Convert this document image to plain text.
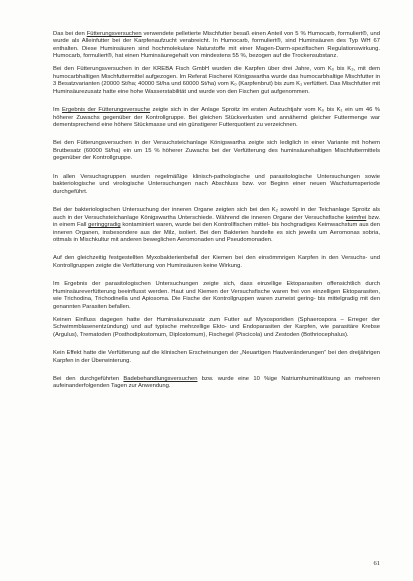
Das bei den Fütterungsversuchen verwendete pelletierte Mischfutter besaß einen Anteil von 5 % Humocarb, formuliert®, und wurde als Alleinfutter bei der Karpfenaufzucht verabreicht. In Humocarb, formuliert®, sind Huminsäuren des Typ WH 67 enthalten. Diese Huminsäuren sind hochmolekulare Naturstoffe mit einer Magen-Darm-spezifischen Regulationswirkung. Humocarb, formuliert®, hat einen Huminsäuregehalt von mindestens 55 %, bezogen auf die Trockensubstanz.

Bei den Fütterungsversuchen in der KREBA Fisch GmbH wurden die Karpfen über drei Jahre, vom K₀ bis K₃, mit dem humocarbhaltigen Mischfuttermittel aufgezogen. Im Referat Fischerei Königswartha wurde das humocarbhaltige Mischfutter in 3 Besatzvarianten (20000 St/ha; 40000 St/ha und 60000 St/ha) vom K₀ (Karpfenbrut) bis zum K₁ verfüttert. Das Mischfutter mit Huminsäurezusatz hatte eine hohe Wasserstabilität und wurde von den Fischen gut aufgenommen.

Im Ergebnis der Fütterungsversuche zeigte sich in der Anlage Sproitz im ersten Aufzuchtjahr vom K₀ bis K₁ ein um 46 % höherer Zuwachs gegenüber der Kontrollgruppe. Bei gleichen Stückverlusten und annähernd gleicher Futtermenge war dementsprechend eine höhere Stückmasse und ein günstigerer Futterquotient zu verzeichnen.

Bei den Fütterungsversuchen in der Versuchsteichanlage Königswartha zeigte sich lediglich in einer Variante mit hohem Brutbesatz (60000 St/ha) ein um 15 % höherer Zuwachs bei der Verfütterung des huminsäurehaltigen Mischfuttermittels gegenüber der Kontrollgruppe.

In allen Versuchsgruppen wurden regelmäßige klinisch-pathologische und parasitologische Untersuchungen sowie bakteriologische und virologische Untersuchungen nach Abschluss bzw. vor Beginn einer neuen Wachstumsperiode durchgeführt.

Bei der bakteriologischen Untersuchung der inneren Organe zeigten sich bei den K₂ sowohl in der Teichanlage Sproitz als auch in der Versuchsteichanlage Königswartha Unterschiede. Während die inneren Organe der Versuchsfische keimfrei bzw. in einem Fall geringgradig kontaminiert waren, wurde bei den Kontrollfischen mittel- bis hochgradiges Keimwachstum aus den inneren Organen, insbesondere aus der Milz, isoliert. Bei den Bakterien handelte es sich jeweils um Aeromonas sobria, ottmals in Mischkultur mit anderen beweglichen Aeromonaden und Pseudomonaden.

Auf den gleichzeitig festgestellten Myxobakterienbefall der Kiemen bei den einsömmrigen Karpfen in den Versuchs- und Kontrollgruppen zeigte die Verfütterung von Huminsäuren keine Wirkung.

Im Ergebnis der parasitologischen Untersuchungen zeigte sich, dass einzellige Ektoparasiten offensichtlich durch Huminsäureverfütterung beeinflusst werden. Haut und Kiemen der Versuchsfische waren frei von einzelligen Ektoparasiten, wie Trichodina, Trichodinella und Apiosoma. Die Fische der Kontrollgruppen waren zumeist gering- bis mittelgradig mit den genannten Parasiten befallen.

Keinen Einfluss dagegen hatte der Huminsäurezusatz zum Futter auf Myxosporidien (Sphaerospora – Erreger der Schwimmblasenentzündung) und auf typische mehrzellige Ekto- und Endoparasiten der Karpfen, wie parasitäre Krebse (Argulus), Trematoden (Posthodiplostomum, Diplostomum), Fischegel (Piscicola) und Zestoden (Bothriocephalus).

Kein Effekt hatte die Verfütterung auf die klinischen Erscheinungen der „Neuartigen Hautveränderungen“ bei den dreijährigen Karpfen in der Überwinterung.

Bei den durchgeführten Badebehandlungsversuchen bzw. wurde eine 10 %ige Natriumhuminatlösung an mehreren aufeinanderfolgenden Tagen zur Anwendung.

61
